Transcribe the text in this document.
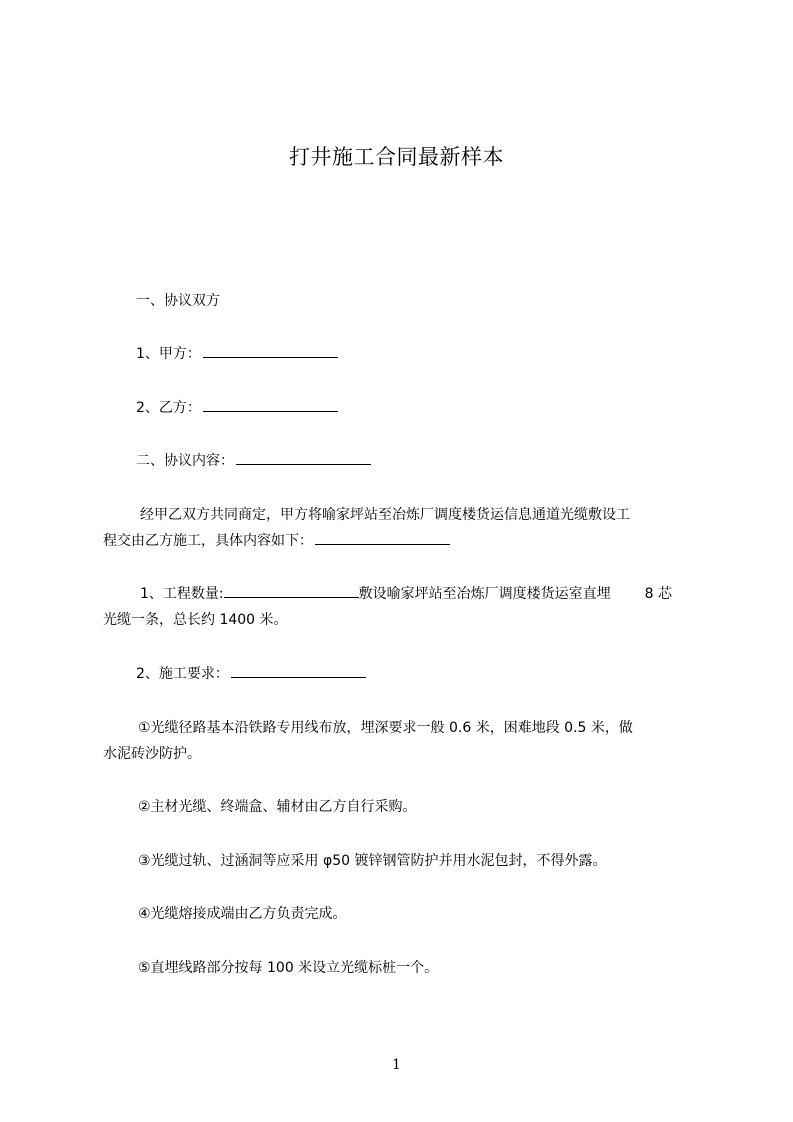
打井施工合同最新样本
一、协议双方
1、甲方：
2、乙方：
二、协议内容：
经甲乙双方共同商定，甲方将喻家坪站至冶炼厂调度楼货运信息通道光缆敷设工
程交由乙方施工，具体内容如下：
1、工程数量:	敷设喻家坪站至冶炼厂调度楼货运室直埋 8 芯
光缆一条，总长约 1400 米。
2、施工要求：
①光缆径路基本沿铁路专用线布放，埋深要求一般 0.6 米，困难地段 0.5 米，做
水泥砖沙防护。
②主材光缆、终端盒、辅材由乙方自行采购。
③光缆过轨、过涵洞等应采用 φ50 镀锌钢管防护并用水泥包封，不得外露。
④光缆熔接成端由乙方负责完成。
⑤直埋线路部分按每 100 米设立光缆标桩一个。
1
